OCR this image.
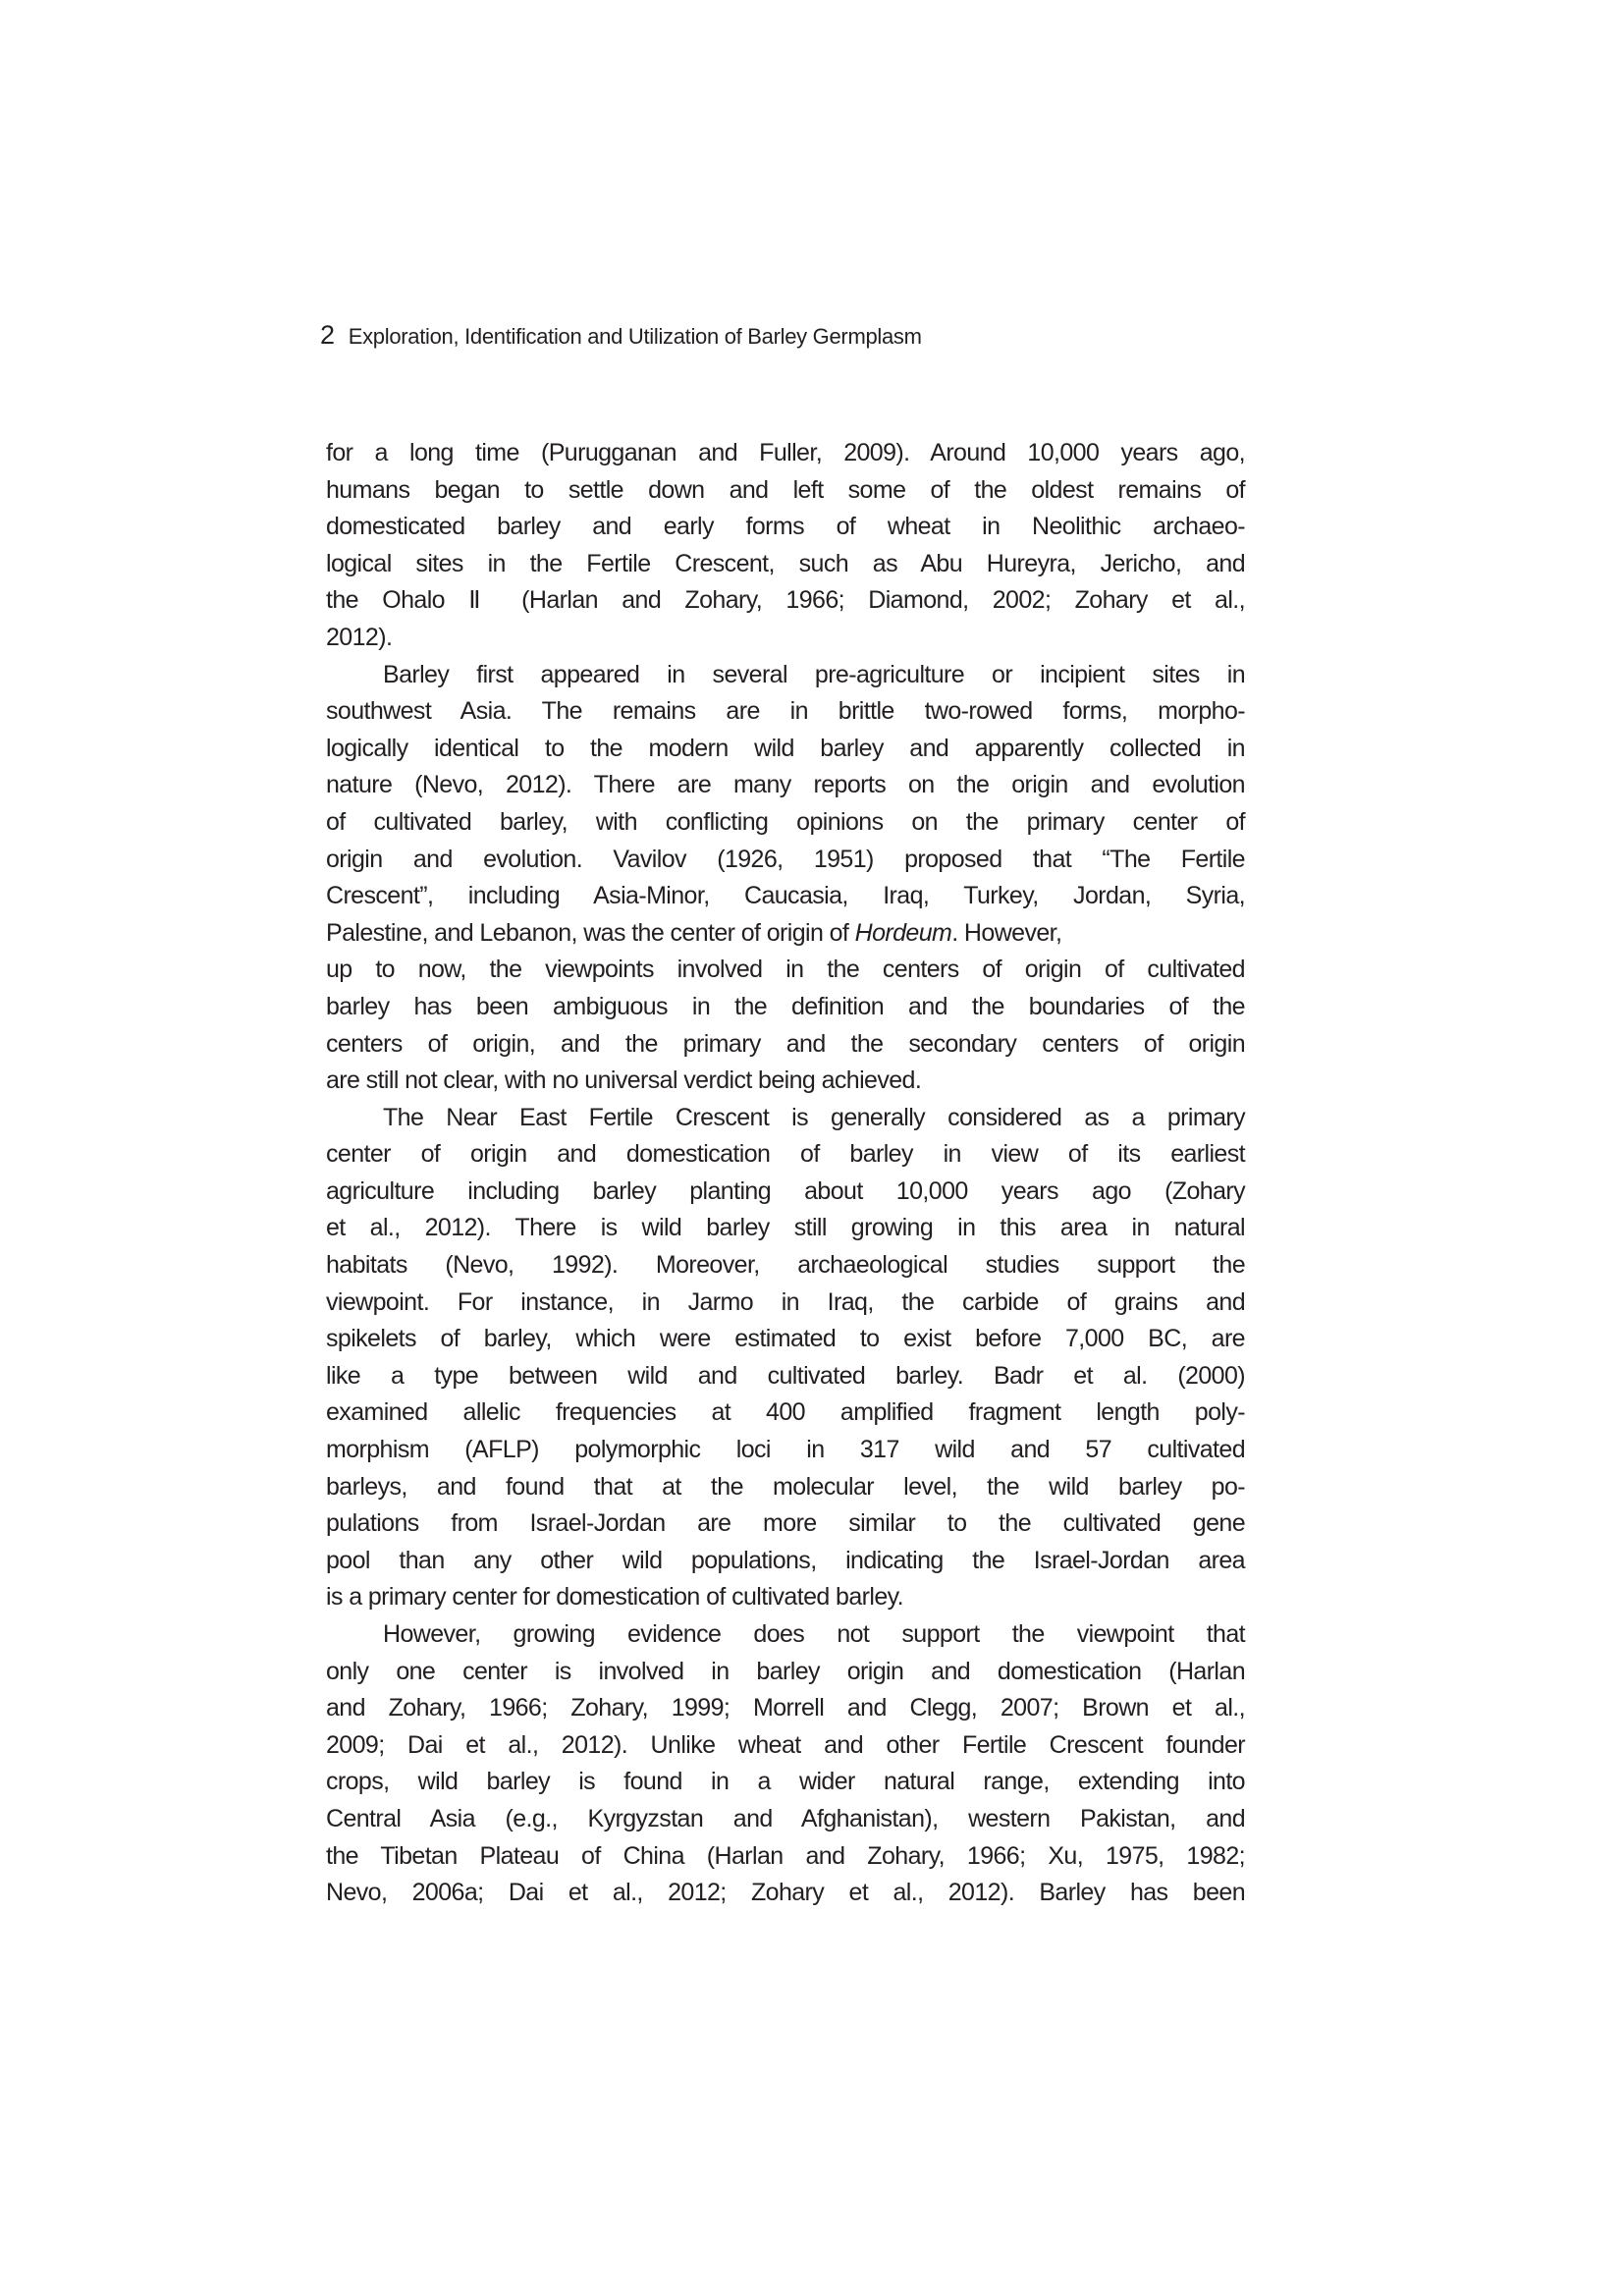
2 Exploration, Identification and Utilization of Barley Germplasm
for a long time (Purugganan and Fuller, 2009). Around 10,000 years ago,
humans began to settle down and left some of the oldest remains of
domesticated barley and early forms of wheat in Neolithic archaeo-
logical sites in the Fertile Crescent, such as Abu Hureyra, Jericho, and
the Ohalo Ⅱ (Harlan and Zohary, 1966; Diamond, 2002; Zohary et al.,
2012).
Barley first appeared in several pre-agriculture or incipient sites in
southwest Asia. The remains are in brittle two-rowed forms, morpho-
logically identical to the modern wild barley and apparently collected in
nature (Nevo, 2012). There are many reports on the origin and evolution
of cultivated barley, with conflicting opinions on the primary center of
origin and evolution. Vavilov (1926, 1951) proposed that “The Fertile
Crescent”, including Asia-Minor, Caucasia, Iraq, Turkey, Jordan, Syria,
Palestine, and Lebanon, was the center of origin of Hordeum. However,
up to now, the viewpoints involved in the centers of origin of cultivated
barley has been ambiguous in the definition and the boundaries of the
centers of origin, and the primary and the secondary centers of origin
are still not clear, with no universal verdict being achieved.
The Near East Fertile Crescent is generally considered as a primary
center of origin and domestication of barley in view of its earliest
agriculture including barley planting about 10,000 years ago (Zohary
et al., 2012). There is wild barley still growing in this area in natural
habitats (Nevo, 1992). Moreover, archaeological studies support the
viewpoint. For instance, in Jarmo in Iraq, the carbide of grains and
spikelets of barley, which were estimated to exist before 7,000 BC, are
like a type between wild and cultivated barley. Badr et al. (2000)
examined allelic frequencies at 400 amplified fragment length poly-
morphism (AFLP) polymorphic loci in 317 wild and 57 cultivated
barleys, and found that at the molecular level, the wild barley po-
pulations from Israel-Jordan are more similar to the cultivated gene
pool than any other wild populations, indicating the Israel-Jordan area
is a primary center for domestication of cultivated barley.
However, growing evidence does not support the viewpoint that
only one center is involved in barley origin and domestication (Harlan
and Zohary, 1966; Zohary, 1999; Morrell and Clegg, 2007; Brown et al.,
2009; Dai et al., 2012). Unlike wheat and other Fertile Crescent founder
crops, wild barley is found in a wider natural range, extending into
Central Asia (e.g., Kyrgyzstan and Afghanistan), western Pakistan, and
the Tibetan Plateau of China (Harlan and Zohary, 1966; Xu, 1975, 1982;
Nevo, 2006a; Dai et al., 2012; Zohary et al., 2012). Barley has been
